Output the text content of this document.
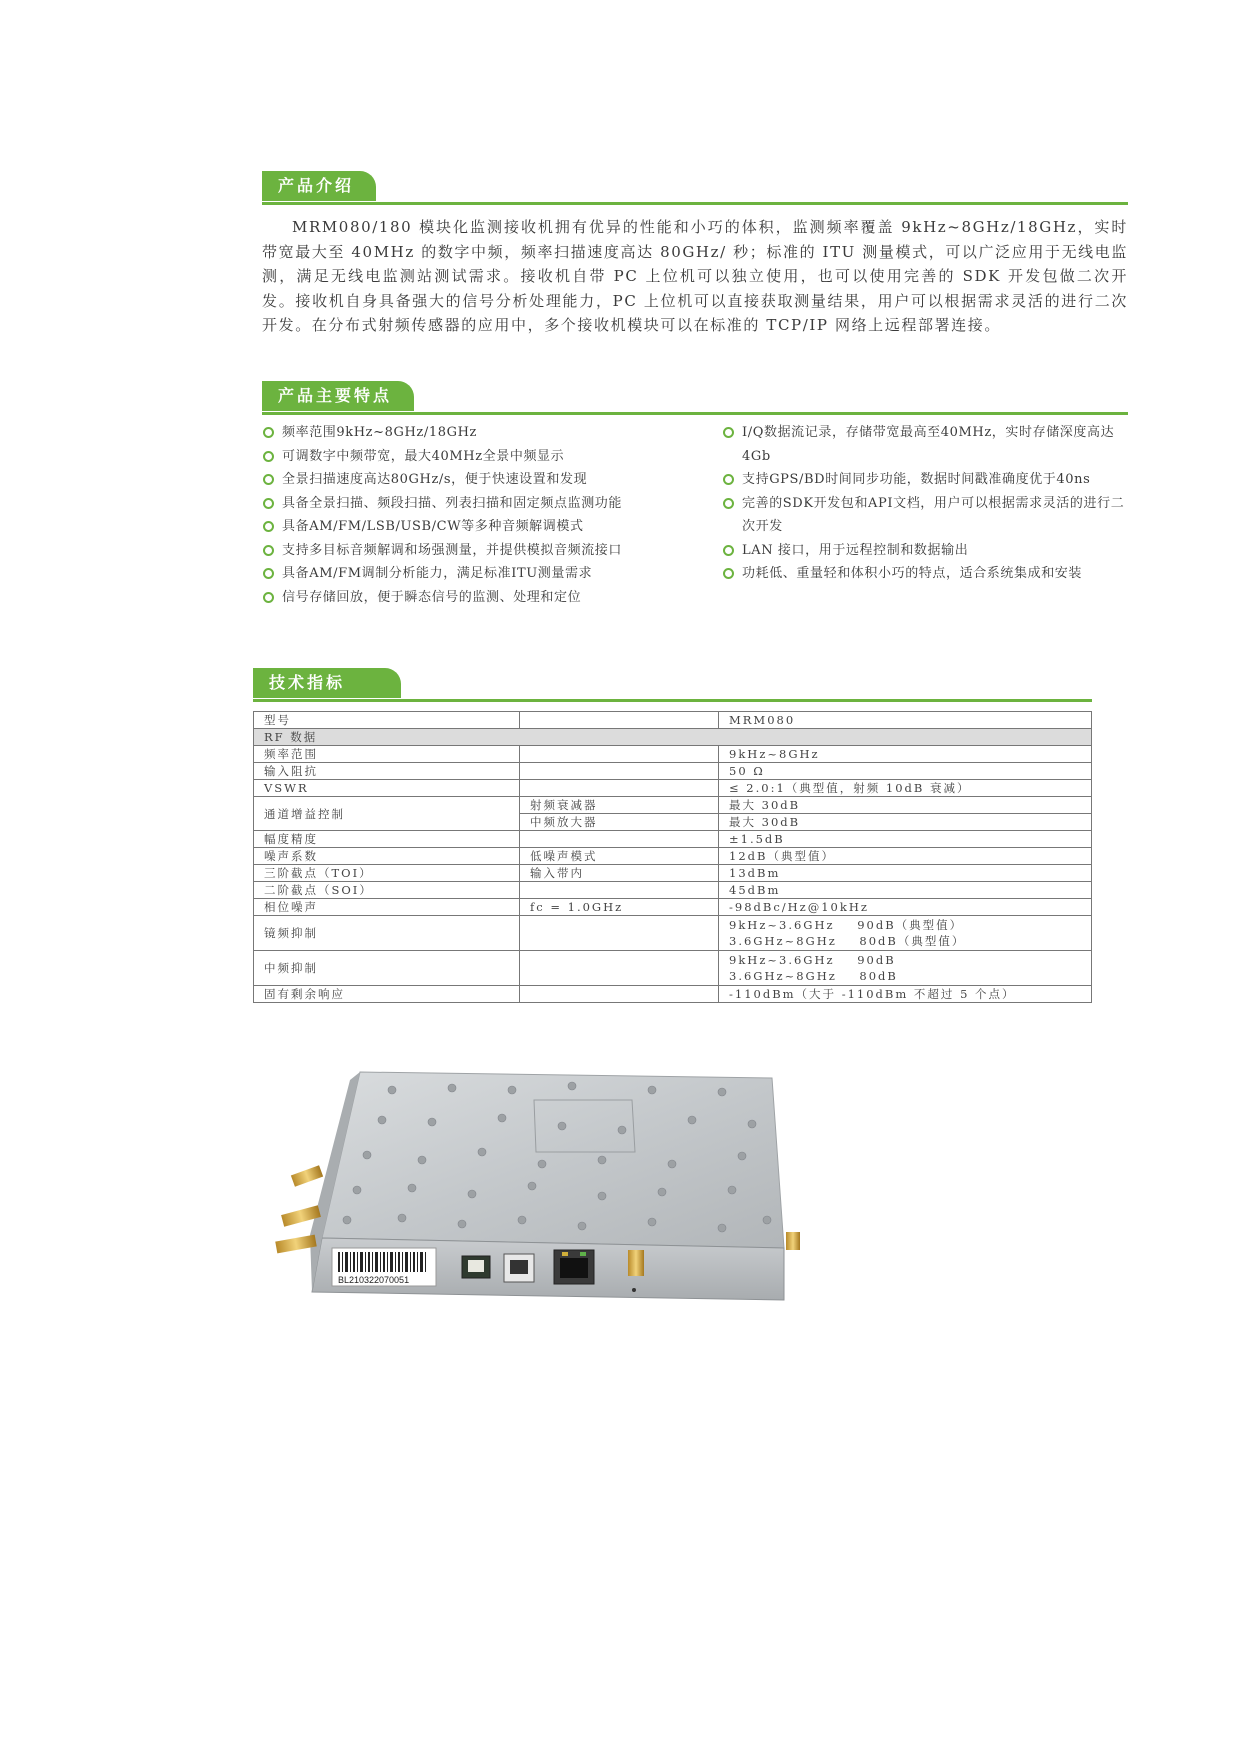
产品介绍
MRM080/180 模块化监测接收机拥有优异的性能和小巧的体积，监测频率覆盖 9kHz~8GHz/18GHz，实时带宽最大至 40MHz 的数字中频，频率扫描速度高达 80GHz/ 秒；标准的 ITU 测量模式，可以广泛应用于无线电监测，满足无线电监测站测试需求。接收机自带 PC 上位机可以独立使用，也可以使用完善的 SDK 开发包做二次开发。接收机自身具备强大的信号分析处理能力，PC 上位机可以直接获取测量结果，用户可以根据需求灵活的进行二次开发。在分布式射频传感器的应用中，多个接收机模块可以在标准的 TCP/IP 网络上远程部署连接。
产品主要特点
频率范围9kHz~8GHz/18GHz
可调数字中频带宽，最大40MHz全景中频显示
全景扫描速度高达80GHz/s，便于快速设置和发现
具备全景扫描、频段扫描、列表扫描和固定频点监测功能
具备AM/FM/LSB/USB/CW等多种音频解调模式
支持多目标音频解调和场强测量，并提供模拟音频流接口
具备AM/FM调制分析能力，满足标准ITU测量需求
信号存储回放，便于瞬态信号的监测、处理和定位
I/Q数据流记录，存储带宽最高至40MHz，实时存储深度高达4Gb
支持GPS/BD时间同步功能，数据时间戳准确度优于40ns
完善的SDK开发包和API文档，用户可以根据需求灵活的进行二次开发
LAN 接口，用于远程控制和数据输出
功耗低、重量轻和体积小巧的特点，适合系统集成和安装
技术指标
型号		MRM080
RF 数据		
频率范围		9kHz~8GHz
输入阻抗		50 Ω
VSWR		≤ 2.0:1（典型值，射频 10dB 衰减）
通道增益控制	射频衰减器	最大 30dB
	中频放大器	最大 30dB
幅度精度		±1.5dB
噪声系数	低噪声模式	12dB（典型值）
三阶截点（TOI）	输入带内	13dBm
二阶截点（SOI）		45dBm
相位噪声	fc = 1.0GHz	-98dBc/Hz@10kHz
镜频抑制		9kHz~3.6GHz    90dB（典型值）
3.6GHz~8GHz    80dB（典型值）

中频抑制		9kHz~3.6GHz    90dB
3.6GHz~8GHz    80dB

固有剩余响应		-110dBm（大于 -110dBm 不超过 5 个点）
BL210322070051
